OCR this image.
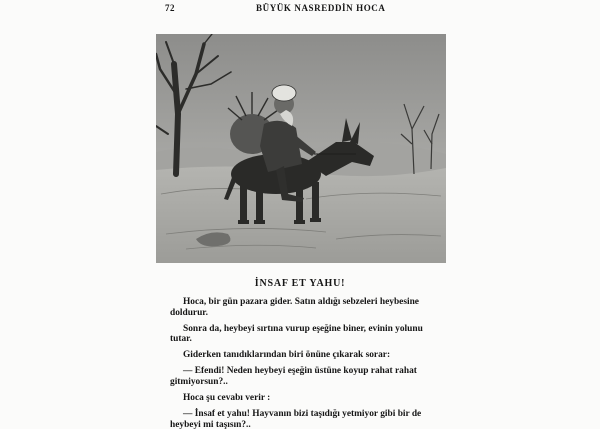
72	BÜYÜK NASREDDİN HOCA
İNSAF ET YAHU!

Hoca, bir gün pazara gider. Satın aldığı sebzeleri heybesine
doldurur.

Sonra da, heybeyi sırtına vurup eşeğine biner, evinin yolunu
tutar.

Giderken tanıdıklarından biri önüne çıkarak sorar:

— Efendi! Neden heybeyi eşeğin üstüne koyup rahat rahat
gitmiyorsun?..

Hoca şu cevabı verir :

— İnsaf et yahu! Hayvanın bizi taşıdığı yetmiyor gibi bir de
heybeyi mi taşısın?..
